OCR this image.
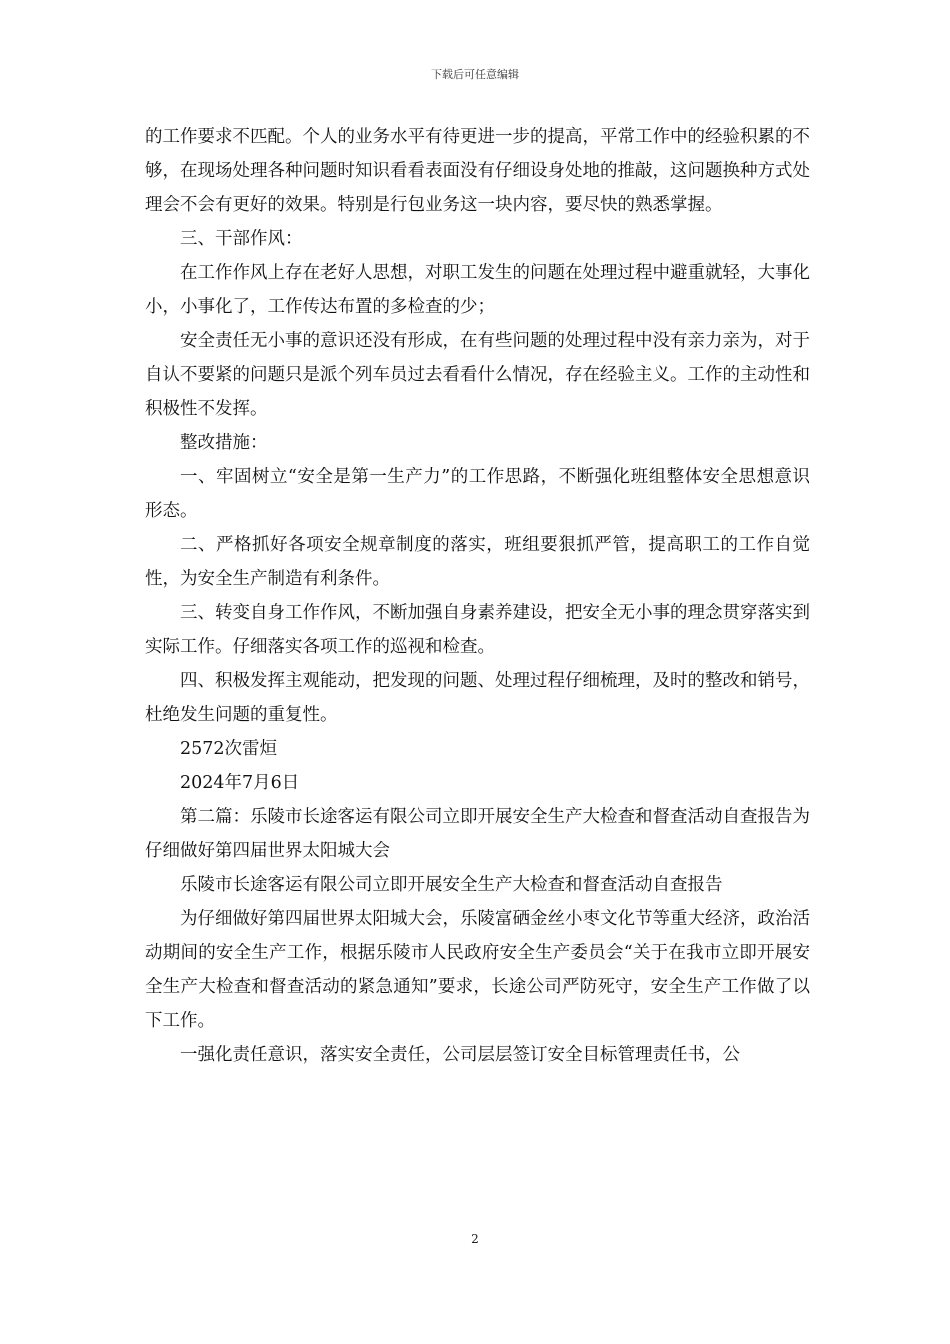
下载后可任意编辑

的工作要求不匹配。个人的业务水平有待更进一步的提高，平常工作中的经验积累的不够，在现场处理各种问题时知识看看表面没有仔细设身处地的推敲，这问题换种方式处理会不会有更好的效果。特别是行包业务这一块内容，要尽快的熟悉掌握。

三、干部作风：

在工作作风上存在老好人思想，对职工发生的问题在处理过程中避重就轻，大事化小，小事化了，工作传达布置的多检查的少；

安全责任无小事的意识还没有形成，在有些问题的处理过程中没有亲力亲为，对于自认不要紧的问题只是派个列车员过去看看什么情况，存在经验主义。工作的主动性和积极性不发挥。

整改措施：

一、牢固树立“安全是第一生产力”的工作思路，不断强化班组整体安全思想意识形态。

二、严格抓好各项安全规章制度的落实，班组要狠抓严管，提高职工的工作自觉性，为安全生产制造有利条件。

三、转变自身工作作风，不断加强自身素养建设，把安全无小事的理念贯穿落实到实际工作。仔细落实各项工作的巡视和检查。

四、积极发挥主观能动，把发现的问题、处理过程仔细梳理，及时的整改和销号，杜绝发生问题的重复性。

2572次雷烜

2024年7月6日

第二篇：乐陵市长途客运有限公司立即开展安全生产大检查和督查活动自查报告为仔细做好第四届世界太阳城大会

乐陵市长途客运有限公司立即开展安全生产大检查和督查活动自查报告

为仔细做好第四届世界太阳城大会，乐陵富硒金丝小枣文化节等重大经济，政治活动期间的安全生产工作，根据乐陵市人民政府安全生产委员会“关于在我市立即开展安全生产大检查和督查活动的紧急通知”要求，长途公司严防死守，安全生产工作做了以下工作。

一强化责任意识，落实安全责任，公司层层签订安全目标管理责任书，公

2
